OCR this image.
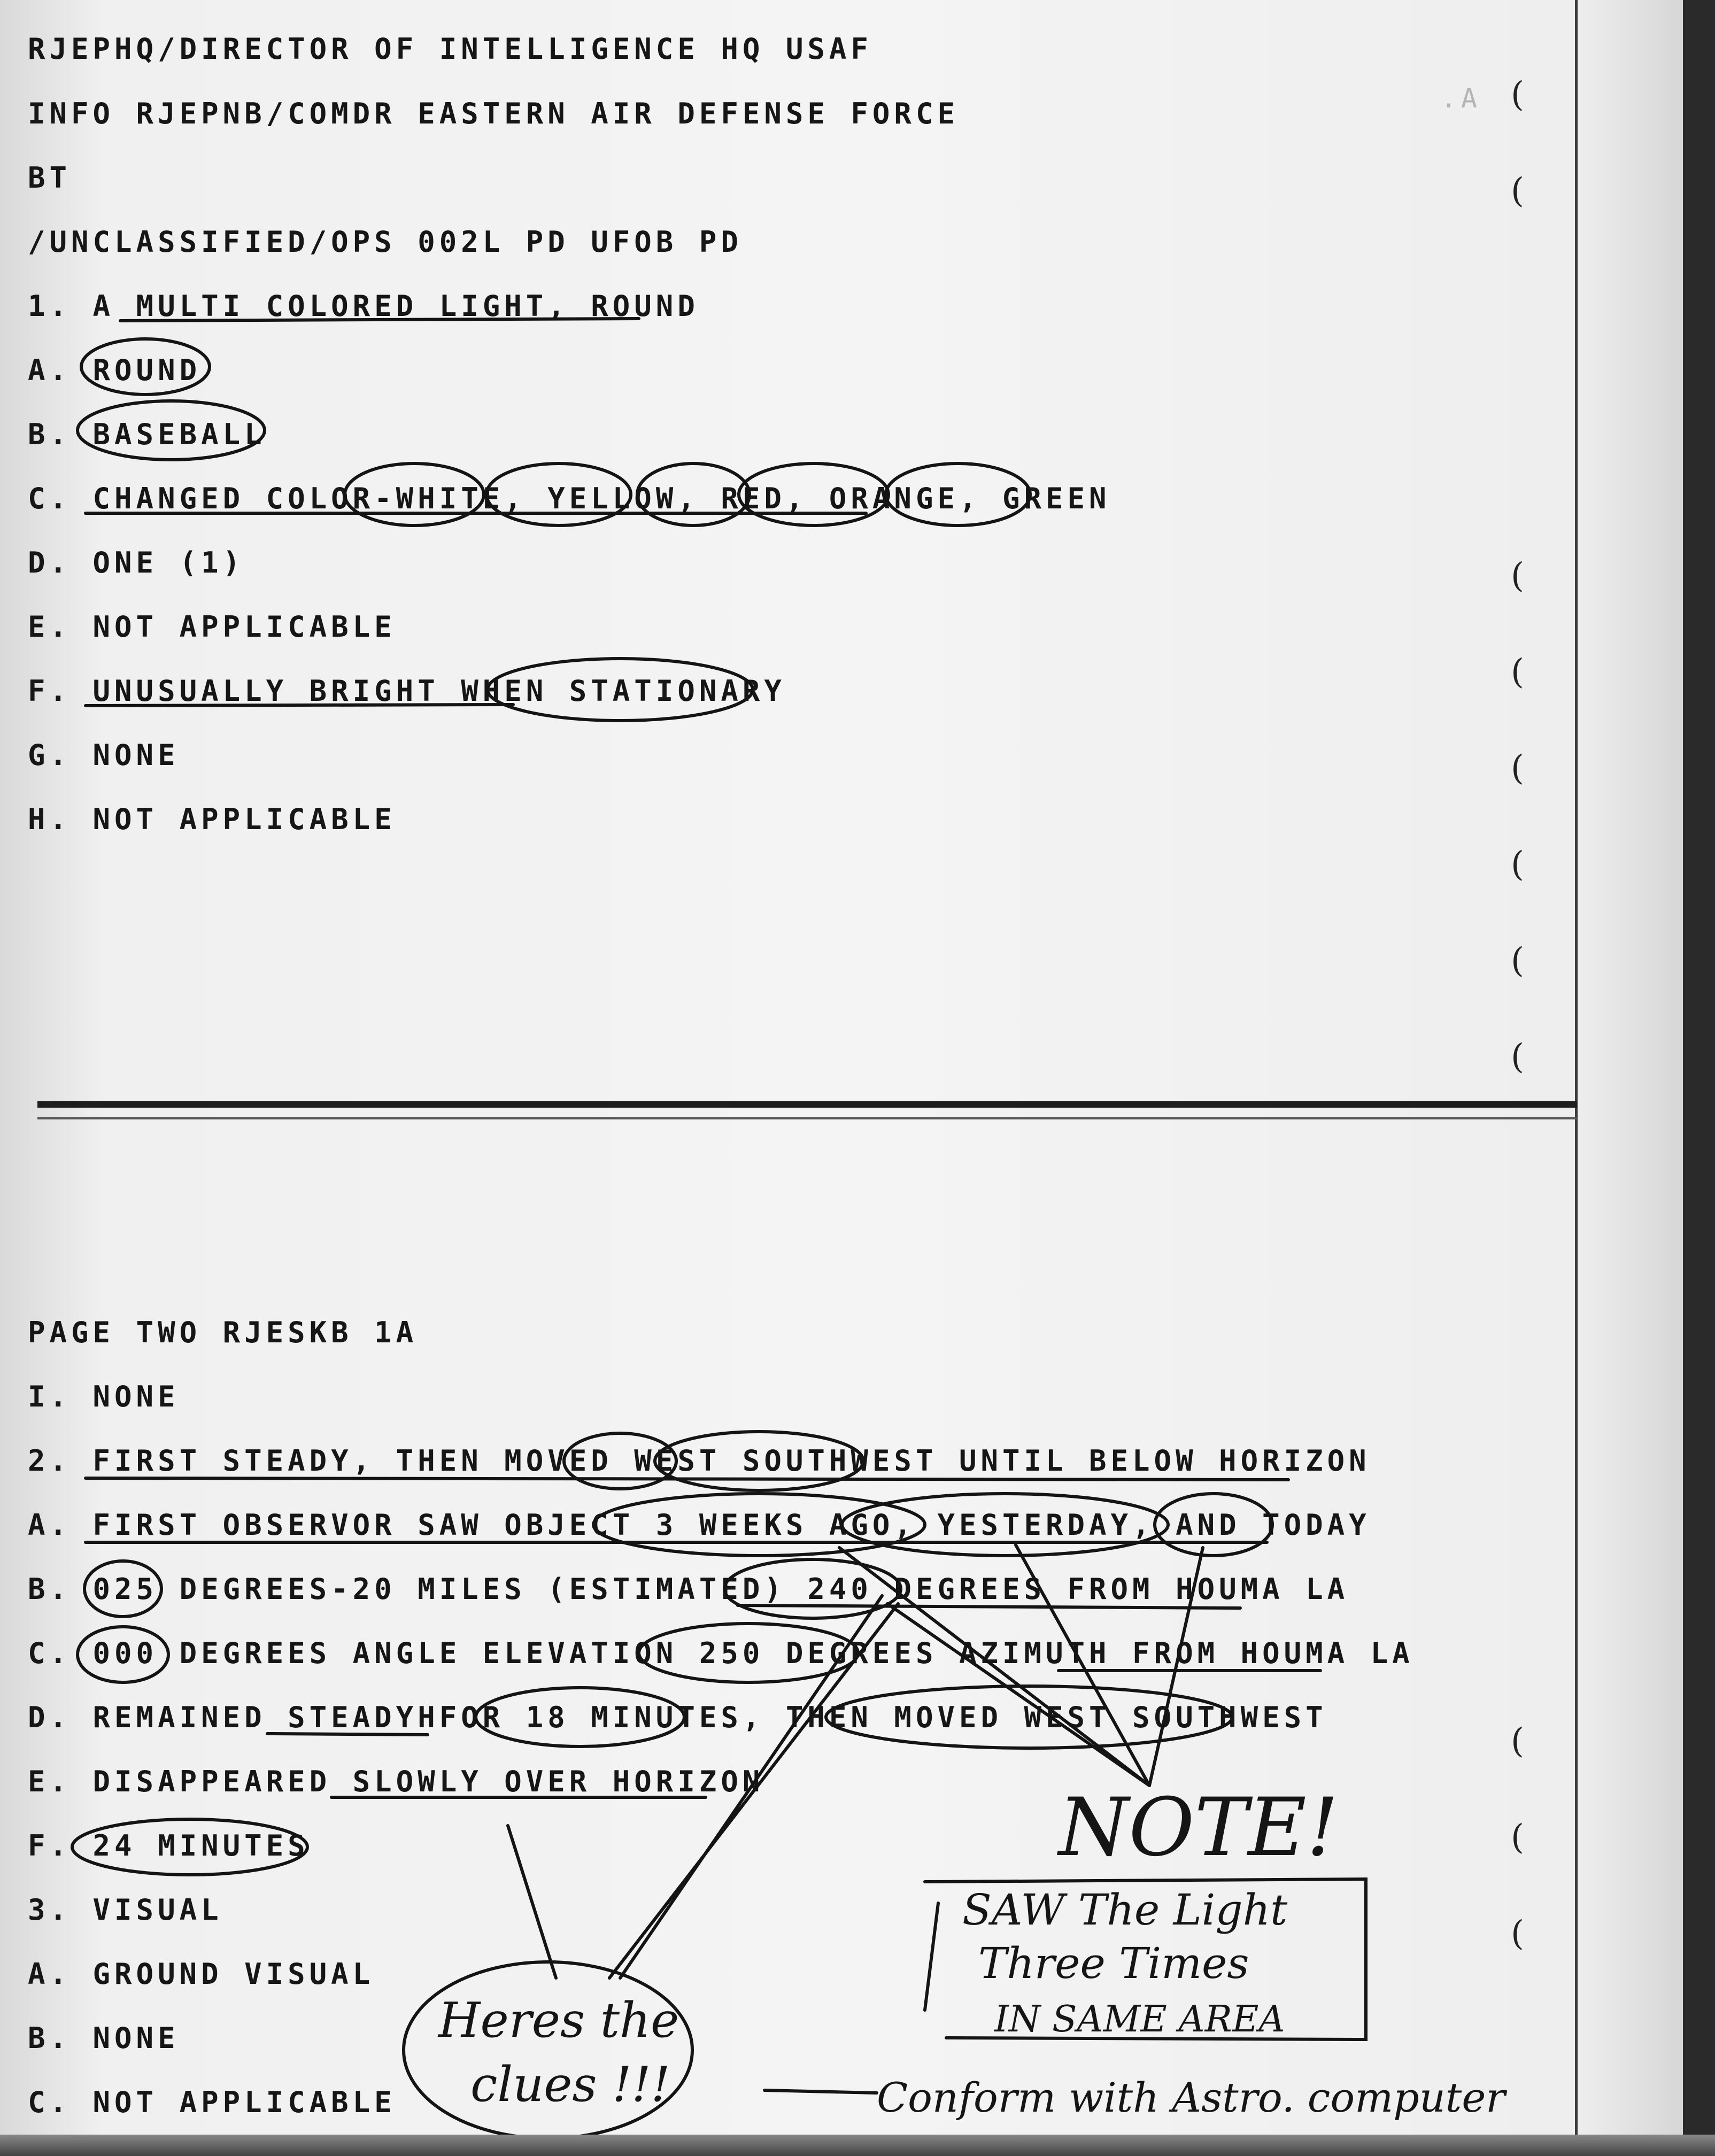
A.

RJEPHQ/DIRECTOR OF INTELLIGENCE HQ USAF
INFO RJEPNB/COMDR EASTERN AIR DEFENSE FORCE
BT
/UNCLASSIFIED/OPS 002L PD UFOB PD
1. A MULTI COLORED LIGHT, ROUND
A. ROUND
B. BASEBALL
C. CHANGED COLOR-WHITE, YELLOW, RED, ORANGE, GREEN
D. ONE (1)
E. NOT APPLICABLE
F. UNUSUALLY BRIGHT WHEN STATIONARY
G. NONE
H. NOT APPLICABLE
PAGE TWO RJESKB 1A
I. NONE
2. FIRST STEADY, THEN MOVED WEST SOUTHWEST UNTIL BELOW HORIZON
A. FIRST OBSERVOR SAW OBJECT 3 WEEKS AGO, YESTERDAY, AND TODAY
B. 025 DEGREES-20 MILES (ESTIMATED) 240 DEGREES FROM HOUMA LA
C. 000 DEGREES ANGLE ELEVATION 250 DEGREES AZIMUTH FROM HOUMA LA
D. REMAINED STEADYHFOR 18 MINUTES, THEN MOVED WEST SOUTHWEST
E. DISAPPEARED SLOWLY OVER HORIZON
F. 24 MINUTES
3. VISUAL
A. GROUND VISUAL
B. NONE
C. NOT APPLICABLE
(
(
(
(
(
(
(
(
(
(
(
NOTE!
SAW The Light
Three Times
IN SAME AREA
Heres the
clues !!!	Conform with Astro. computer
